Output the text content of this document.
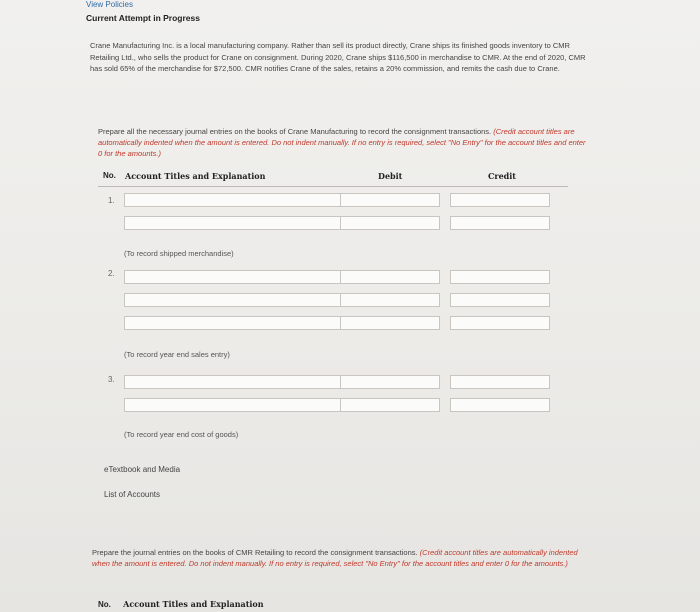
View Policies
Current Attempt in Progress
Crane Manufacturing Inc. is a local manufacturing company. Rather than sell its product directly, Crane ships its finished goods inventory to CMR Retailing Ltd., who sells the product for Crane on consignment. During 2020, Crane ships $116,500 in merchandise to CMR. At the end of 2020, CMR has sold 65% of the merchandise for $72,500. CMR notifies Crane of the sales, retains a 20% commission, and remits the cash due to Crane.
Prepare all the necessary journal entries on the books of Crane Manufacturing to record the consignment transactions. (Credit account titles are automatically indented when the amount is entered. Do not indent manually. If no entry is required, select "No Entry" for the account titles and enter 0 for the amounts.)
No. Account Titles and Explanation	Debit	Credit
1.
(To record shipped merchandise)
2.
(To record year end sales entry)
3.
(To record year end cost of goods)
eTextbook and Media
List of Accounts
Prepare the journal entries on the books of CMR Retailing to record the consignment transactions. (Credit account titles are automatically indented when the amount is entered. Do not indent manually. If no entry is required, select "No Entry" for the account titles and enter 0 for the amounts.)
No. Account Titles and Explanation
